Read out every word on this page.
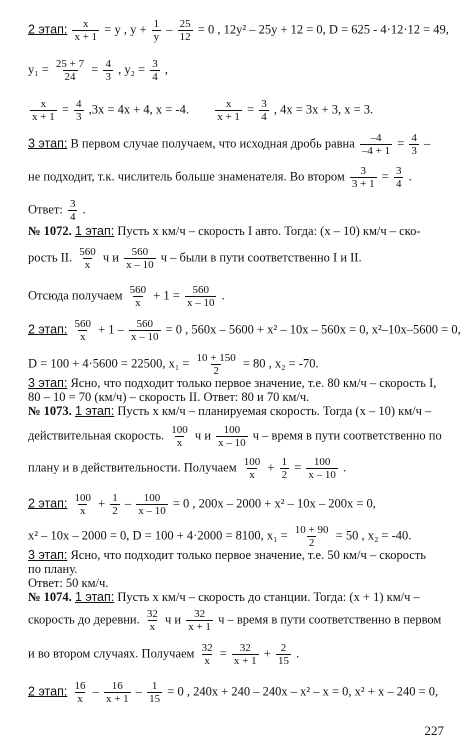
2 этап: $\frac{x}{x + 1} = y$ , $y + \frac{1}{y} - \frac{25}{12} = 0$ , 12y² – 25y + 12 = 0, D = 625 - 4·12·12 = 49,
$y_1 = \frac{25 + 7}{24} = \frac{4}{3}$ , $y_2 = \frac{3}{4}$ ,
$\frac{x}{x + 1} = \frac{4}{3} ,3x = 4x + 4$, x = -4. $\frac{x}{x + 1} = \frac{3}{4}$ , 4x = 3x + 3, x = 3.
3 этап: В первом случае получаем, что исходная дробь равна $\frac{-4}{-4 + 1} = \frac{4}{3}$ –
не подходит, т.к. числитель больше знаменателя. Во втором $\frac{3}{3 + 1} = \frac{3}{4}$ .
Ответ: $\frac{3}{4}$ .
№ 1072. 1 этап: Пусть x км/ч – скорость I авто. Тогда: (x – 10) км/ч – ско-
рость II. $\frac{560}{x}$ ч и $\frac{560}{x - 10}$ ч – были в пути соответственно I и II.
Отсюда получаем $\frac{560}{x} + 1 = \frac{560}{x - 10}$ .
2 этап: $\frac{560}{x} + 1 - \frac{560}{x - 10} = 0$ , 560x – 5600 + x² – 10x – 560x = 0, x²–10x–5600 = 0,
D = 100 + 4·5600 = 22500, $x_1 = \frac{10 + 150}{2} = 80$ , x₂ = -70.
3 этап: Ясно, что подходит только первое значение, т.е. 80 км/ч – скорость I,
80 – 10 = 70 (км/ч) – скорость II. Ответ: 80 и 70 км/ч.
№ 1073. 1 этап: Пусть x км/ч – планируемая скорость. Тогда (x – 10) км/ч –
действительная скорость. $\frac{100}{x}$ ч и $\frac{100}{x - 10}$ ч – время в пути соответственно по
плану и в действительности. Получаем $\frac{100}{x} + \frac{1}{2} = \frac{100}{x - 10}$ .
2 этап: $\frac{100}{x} + \frac{1}{2} - \frac{100}{x - 10} = 0$ , 200x – 2000 + x² – 10x – 200x = 0,
x² – 10x – 2000 = 0, D = 100 + 4·2000 = 8100, $x_1 = \frac{10 + 90}{2} = 50$ , x₂ = -40.
3 этап: Ясно, что подходит только первое значение, т.е. 50 км/ч – скорость
по плану.
Ответ: 50 км/ч.
№ 1074. 1 этап: Пусть x км/ч – скорость до станции. Тогда: (x + 1) км/ч –
скорость до деревни. $\frac{32}{x}$ ч и $\frac{32}{x + 1}$ ч – время в пути соответственно в первом
и во втором случаях. Получаем $\frac{32}{x} = \frac{32}{x + 1} + \frac{2}{15}$ .
2 этап: $\frac{16}{x} - \frac{16}{x + 1} - \frac{1}{15} = 0$ , 240x + 240 – 240x – x² – x = 0, x² + x – 240 = 0,
227
